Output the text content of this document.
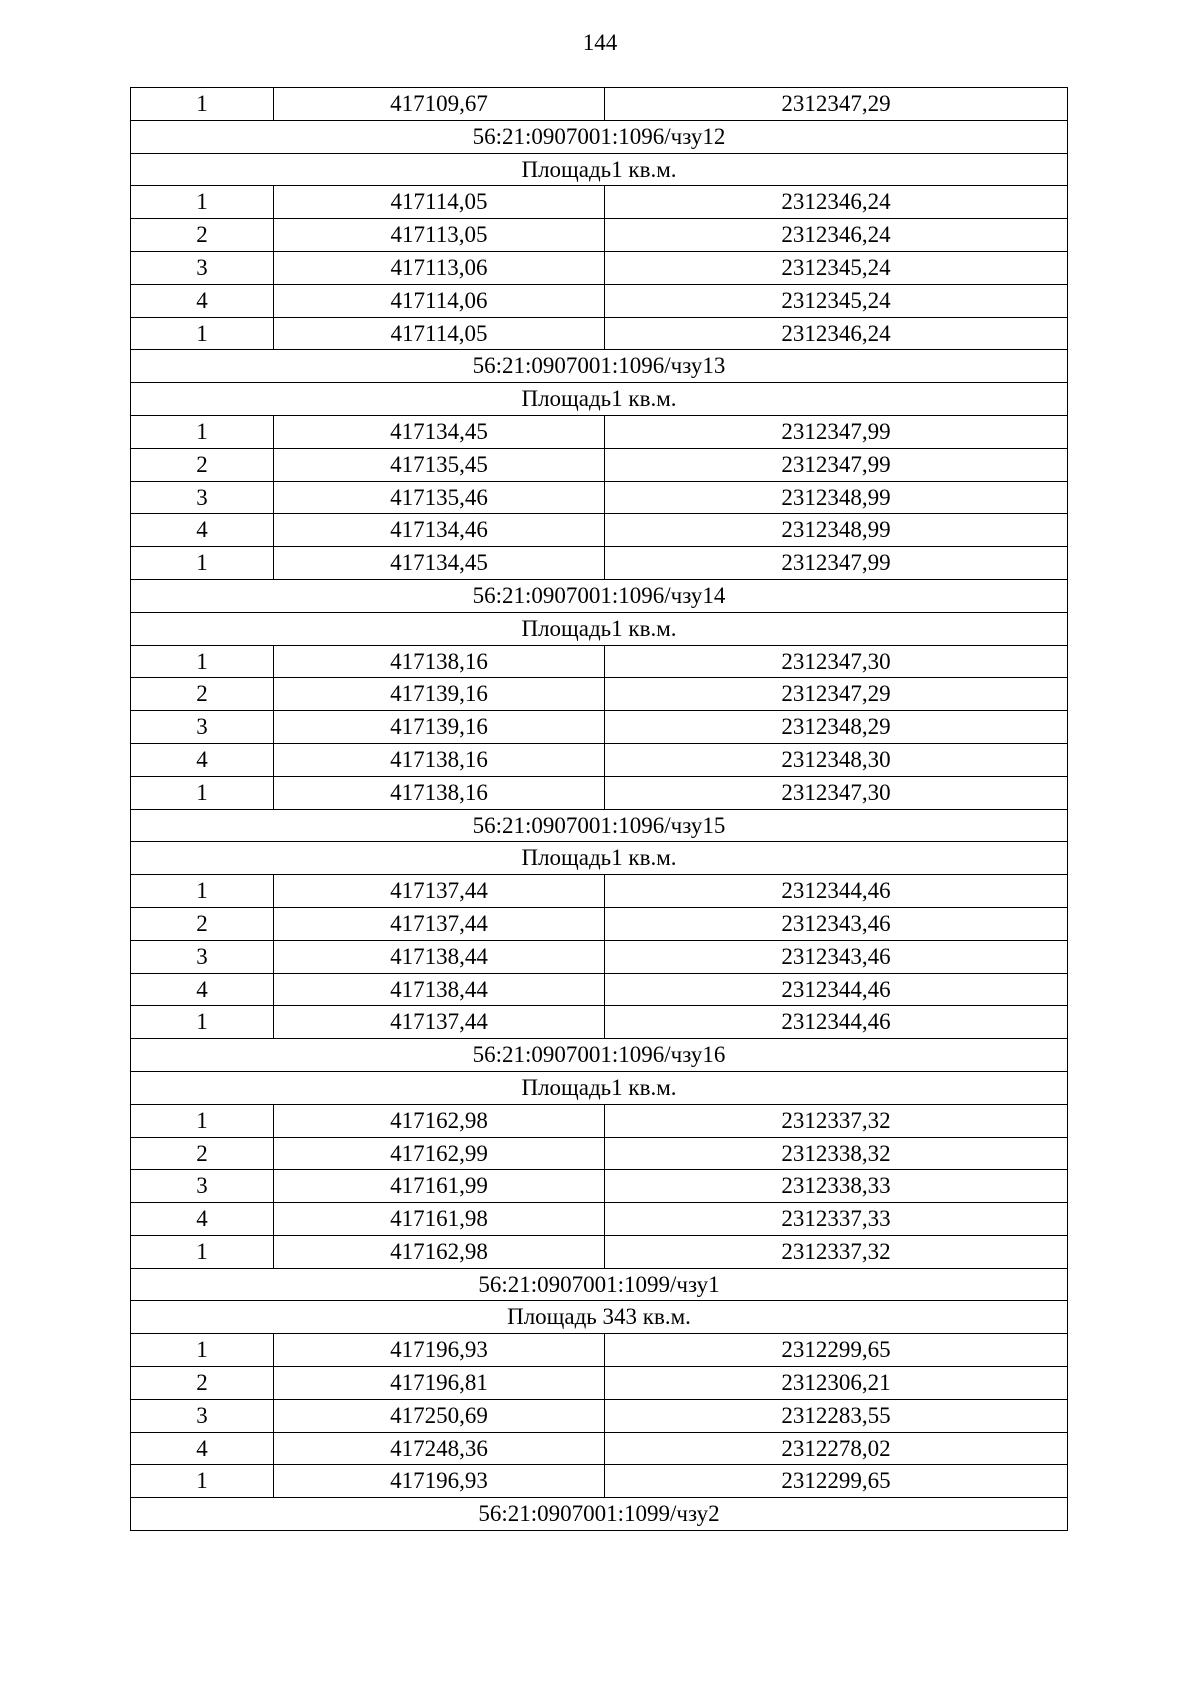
144
1	417109,67	2312347,29
56:21:0907001:1096/чзу12		
Площадь1 кв.м.		
1	417114,05	2312346,24
2	417113,05	2312346,24
3	417113,06	2312345,24
4	417114,06	2312345,24
1	417114,05	2312346,24
56:21:0907001:1096/чзу13		
Площадь1 кв.м.		
1	417134,45	2312347,99
2	417135,45	2312347,99
3	417135,46	2312348,99
4	417134,46	2312348,99
1	417134,45	2312347,99
56:21:0907001:1096/чзу14		
Площадь1 кв.м.		
1	417138,16	2312347,30
2	417139,16	2312347,29
3	417139,16	2312348,29
4	417138,16	2312348,30
1	417138,16	2312347,30
56:21:0907001:1096/чзу15		
Площадь1 кв.м.		
1	417137,44	2312344,46
2	417137,44	2312343,46
3	417138,44	2312343,46
4	417138,44	2312344,46
1	417137,44	2312344,46
56:21:0907001:1096/чзу16		
Площадь1 кв.м.		
1	417162,98	2312337,32
2	417162,99	2312338,32
3	417161,99	2312338,33
4	417161,98	2312337,33
1	417162,98	2312337,32
56:21:0907001:1099/чзу1		
Площадь 343 кв.м.		
1	417196,93	2312299,65
2	417196,81	2312306,21
3	417250,69	2312283,55
4	417248,36	2312278,02
1	417196,93	2312299,65
56:21:0907001:1099/чзу2		
